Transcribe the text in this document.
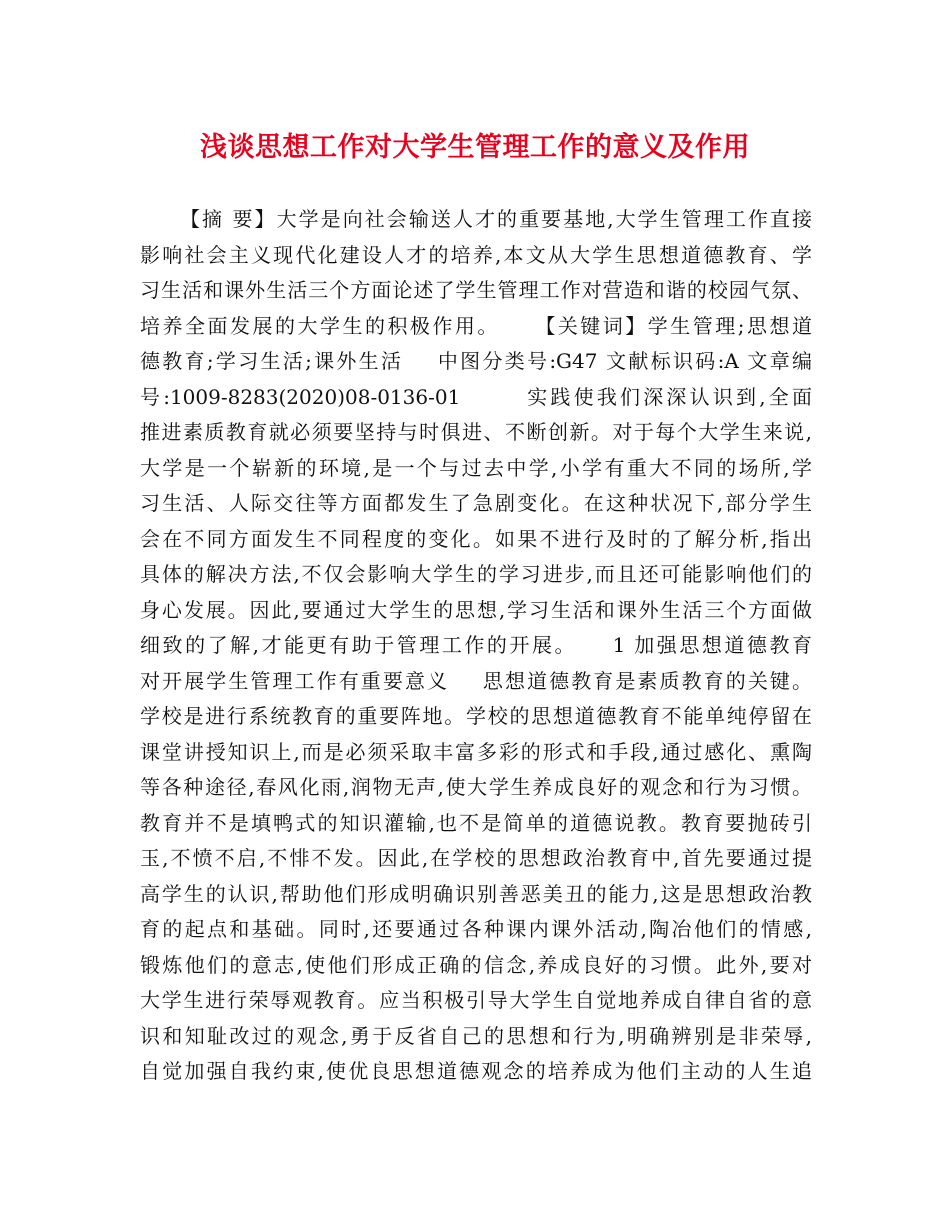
浅谈思想工作对大学生管理工作的意义及作用
【摘 要】大学是向社会输送人才的重要基地,大学生管理工作直接
影响社会主义现代化建设人才的培养,本文从大学生思想道德教育、学
习生活和课外生活三个方面论述了学生管理工作对营造和谐的校园气氛、
培养全面发展的大学生的积极作用。    【关键词】学生管理;思想道
德教育;学习生活;课外生活    中图分类号:G47 文献标识码:A 文章编
号:1009-8283(2020)08-0136-01       实践使我们深深认识到,全面
推进素质教育就必须要坚持与时俱进、不断创新。对于每个大学生来说,
大学是一个崭新的环境,是一个与过去中学,小学有重大不同的场所,学
习生活、人际交往等方面都发生了急剧变化。在这种状况下,部分学生
会在不同方面发生不同程度的变化。如果不进行及时的了解分析,指出
具体的解决方法,不仅会影响大学生的学习进步,而且还可能影响他们的
身心发展。因此,要通过大学生的思想,学习生活和课外生活三个方面做
细致的了解,才能更有助于管理工作的开展。    1 加强思想道德教育
对开展学生管理工作有重要意义    思想道德教育是素质教育的关键。
学校是进行系统教育的重要阵地。学校的思想道德教育不能单纯停留在
课堂讲授知识上,而是必须采取丰富多彩的形式和手段,通过感化、熏陶
等各种途径,春风化雨,润物无声,使大学生养成良好的观念和行为习惯。
教育并不是填鸭式的知识灌输,也不是简单的道德说教。教育要抛砖引
玉,不愤不启,不悱不发。因此,在学校的思想政治教育中,首先要通过提
高学生的认识,帮助他们形成明确识别善恶美丑的能力,这是思想政治教
育的起点和基础。同时,还要通过各种课内课外活动,陶冶他们的情感,
锻炼他们的意志,使他们形成正确的信念,养成良好的习惯。此外,要对
大学生进行荣辱观教育。应当积极引导大学生自觉地养成自律自省的意
识和知耻改过的观念,勇于反省自己的思想和行为,明确辨别是非荣辱,
自觉加强自我约束,使优良思想道德观念的培养成为他们主动的人生追
